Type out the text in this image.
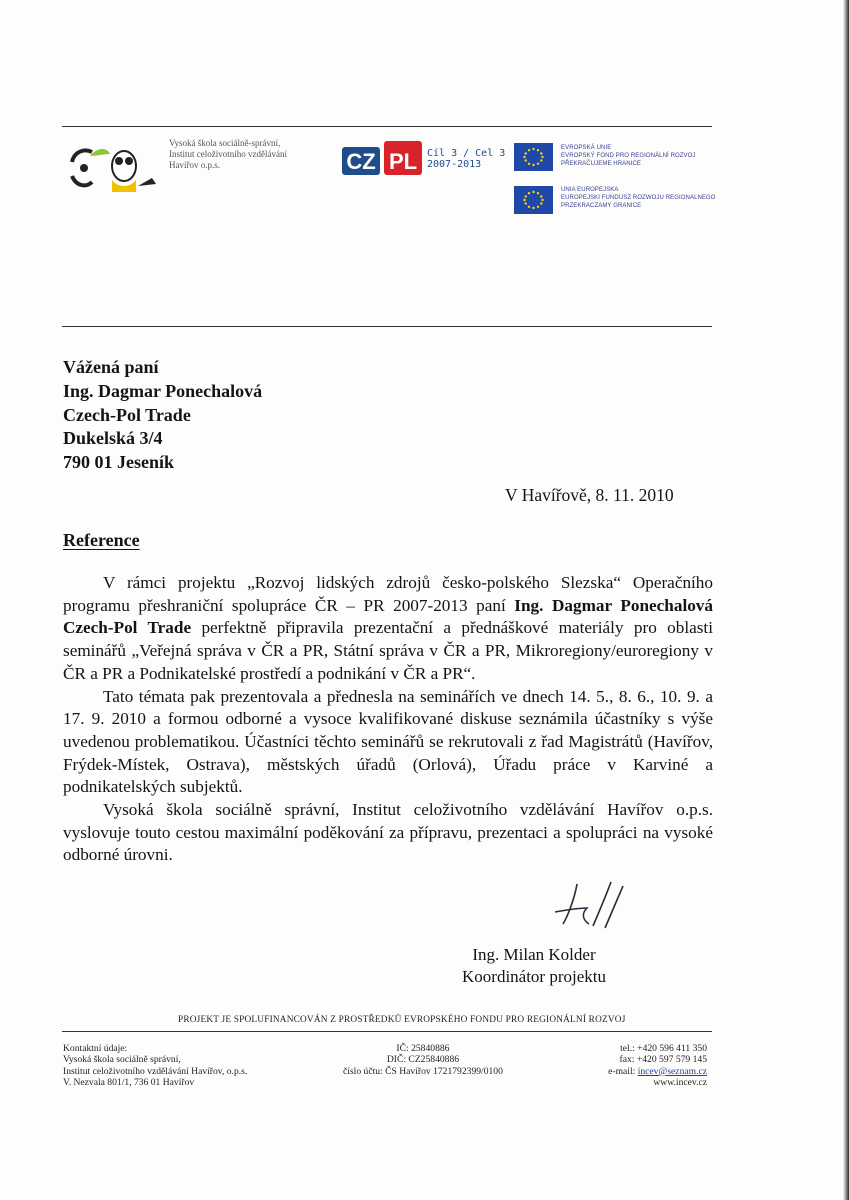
Vysoká škola sociálně-správní,
Institut celoživotního vzdělávání
Havířov o.p.s.	CZ PL Cíl 3 / Cel 3
2007-2013
EVROPSKÁ UNIE
EVROPSKÝ FOND PRO REGIONÁLNÍ ROZVOJ
PŘEKRAČUJEME HRANICE
UNIA EUROPEJSKA
EUROPEJSKI FUNDUSZ ROZWOJU REGIONALNEGO
PRZEKRACZAMY GRANICE
Vážená paní
Ing. Dagmar Ponechalová
Czech-Pol Trade
Dukelská 3/4
790 01 Jeseník
V Havířově, 8. 11. 2010
Reference

V rámci projektu „Rozvoj lidských zdrojů česko-polského Slezska“ Operačního programu přeshraniční spolupráce ČR – PR 2007-2013 paní Ing. Dagmar Ponechalová Czech-Pol Trade perfektně připravila prezentační a přednáškové materiály pro oblasti seminářů „Veřejná správa v ČR a PR, Státní správa v ČR a PR, Mikroregiony/euroregiony v ČR a PR a Podnikatelské prostředí a podnikání v ČR a PR“.

Tato témata pak prezentovala a přednesla na seminářích ve dnech 14. 5., 8. 6., 10. 9. a 17. 9. 2010 a formou odborné a vysoce kvalifikované diskuse seznámila účastníky s výše uvedenou problematikou. Účastníci těchto seminářů se rekrutovali z řad Magistrátů (Havířov, Frýdek-Místek, Ostrava), městských úřadů (Orlová), Úřadu práce v Karviné a podnikatelských subjektů.

Vysoká škola sociálně správní, Institut celoživotního vzdělávání Havířov o.p.s. vyslovuje touto cestou maximální poděkování za přípravu, prezentaci a spolupráci na vysoké odborné úrovni.

Ing. Milan Kolder
Koordinátor projektu
PROJEKT JE SPOLUFINANCOVÁN Z PROSTŘEDKŮ EVROPSKÉHO FONDU PRO REGIONÁLNÍ ROZVOJ
Kontaktní údaje:
Vysoká škola sociálně správní,
Institut celoživotního vzdělávání Havířov, o.p.s.
V. Nezvala 801/1, 736 01 Havířov
IČ: 25840886
DIČ: CZ25840886
číslo účtu: ČS Havířov 1721792399/0100
tel.: +420 596 411 350
fax: +420 597 579 145
e-mail: incev@seznam.cz
www.incev.cz
